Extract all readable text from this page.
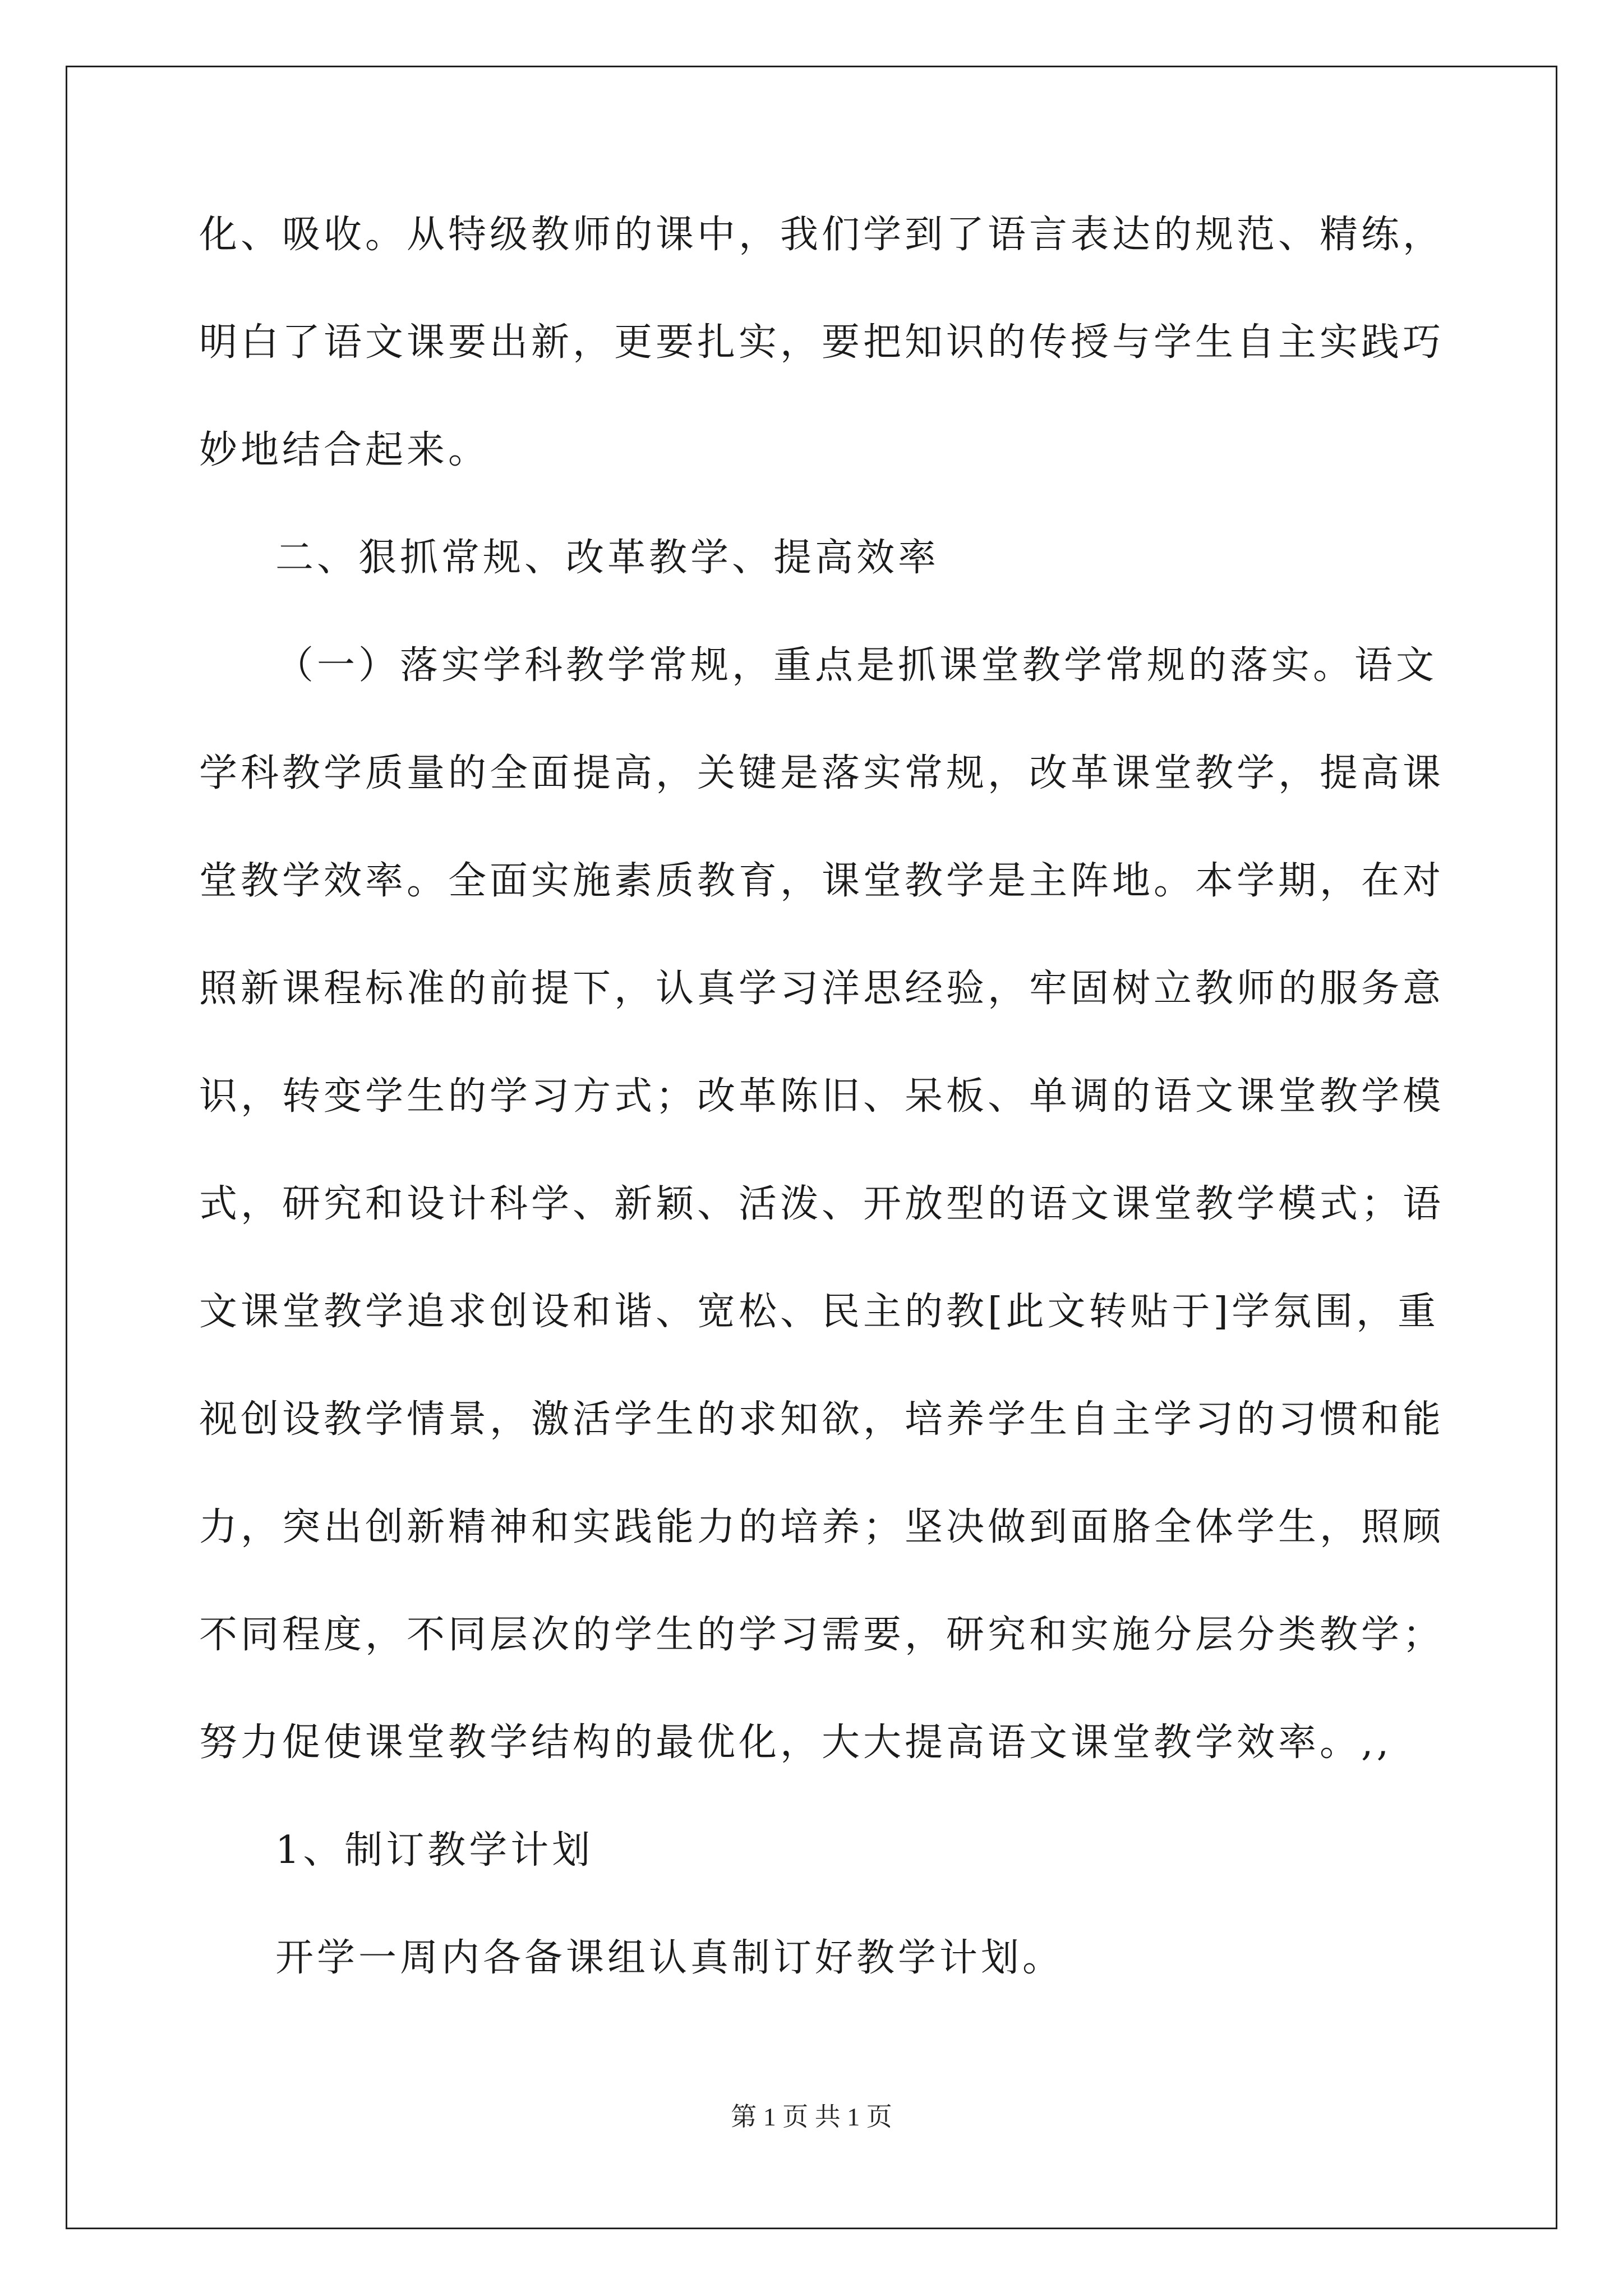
化、吸收。从特级教师的课中，我们学到了语言表达的规范、精练，
明白了语文课要出新，更要扎实，要把知识的传授与学生自主实践巧
妙地结合起来。
二、狠抓常规、改革教学、提高效率
（一）落实学科教学常规，重点是抓课堂教学常规的落实。语文
学科教学质量的全面提高，关键是落实常规，改革课堂教学，提高课
堂教学效率。全面实施素质教育，课堂教学是主阵地。本学期，在对
照新课程标准的前提下，认真学习洋思经验，牢固树立教师的服务意
识，转变学生的学习方式；改革陈旧、呆板、单调的语文课堂教学模
式，研究和设计科学、新颖、活泼、开放型的语文课堂教学模式；语
文课堂教学追求创设和谐、宽松、民主的教[此文转贴于]学氛围，重
视创设教学情景，激活学生的求知欲，培养学生自主学习的习惯和能
力，突出创新精神和实践能力的培养；坚决做到面胳全体学生，照顾
不同程度，不同层次的学生的学习需要，研究和实施分层分类教学；
努力促使课堂教学结构的最优化，大大提高语文课堂教学效率。,,
1、制订教学计划
开学一周内各备课组认真制订好教学计划。
第 1 页 共 1 页
